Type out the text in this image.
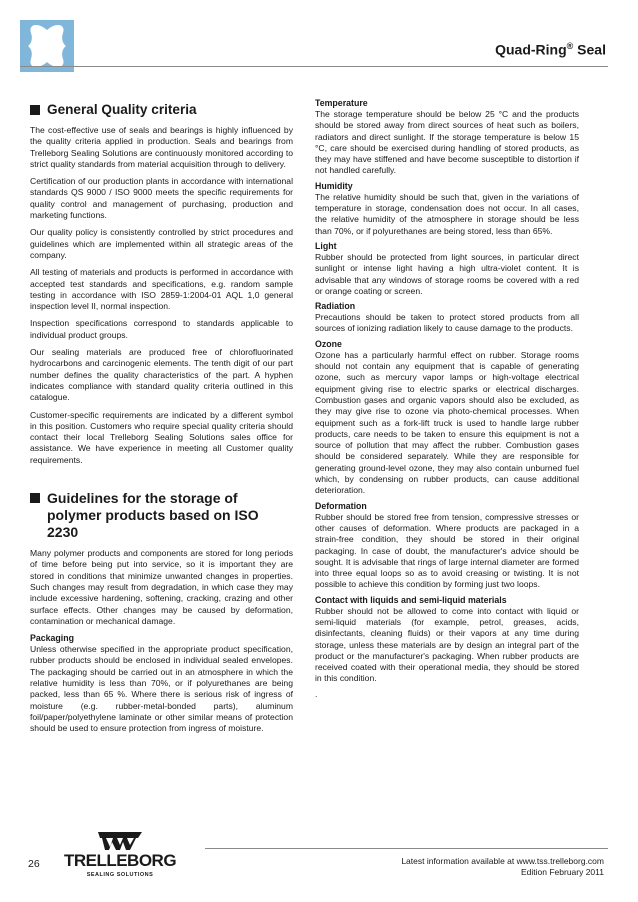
Quad-Ring® Seal
General Quality criteria

The cost-effective use of seals and bearings is highly influenced by the quality criteria applied in production. Seals and bearings from Trelleborg Sealing Solutions are continuously monitored according to strict quality standards from material acquisition through to delivery.

Certification of our production plants in accordance with international standards QS 9000 / ISO 9000 meets the specific requirements for quality control and management of purchasing, production and marketing functions.

Our quality policy is consistently controlled by strict procedures and guidelines which are implemented within all strategic areas of the company.

All testing of materials and products is performed in accordance with accepted test standards and specifications, e.g. random sample testing in accordance with ISO 2859-1:2004-01 AQL 1,0 general inspection level II, normal inspection.

Inspection specifications correspond to standards applicable to individual product groups.

Our sealing materials are produced free of chlorofluorinated hydrocarbons and carcinogenic elements. The tenth digit of our part number defines the quality characteristics of the part. A hyphen indicates compliance with standard quality criteria outlined in this catalogue.

Customer-specific requirements are indicated by a different symbol in this position. Customers who require special quality criteria should contact their local Trelleborg Sealing Solutions sales office for assistance. We have experience in meeting all Customer quality requirements.

Guidelines for the storage of polymer products based on ISO 2230

Many polymer products and components are stored for long periods of time before being put into service, so it is important they are stored in conditions that minimize unwanted changes in properties. Such changes may result from degradation, in which case they may include excessive hardening, softening, cracking, crazing and other surface effects. Other changes may be caused by deformation, contamination or mechanical damage.

Packaging

Unless otherwise specified in the appropriate product specification, rubber products should be enclosed in individual sealed envelopes. The packaging should be carried out in an atmosphere in which the relative humidity is less than 70%, or if polyurethanes are being packed, less than 65 %. Where there is serious risk of ingress of moisture (e.g. rubber-metal-bonded parts), aluminum foil/paper/polyethylene laminate or other similar means of protection should be used to ensure protection from ingress of moisture.

Temperature

The storage temperature should be below 25 °C and the products should be stored away from direct sources of heat such as boilers, radiators and direct sunlight. If the storage temperature is below 15 °C, care should be exercised during handling of stored products, as they may have stiffened and have become susceptible to distortion if not handled carefully.

Humidity

The relative humidity should be such that, given in the variations of temperature in storage, condensation does not occur. In all cases, the relative humidity of the atmosphere in storage should be less than 70%, or if polyurethanes are being stored, less than 65%.

Light

Rubber should be protected from light sources, in particular direct sunlight or intense light having a high ultra-violet content. It is advisable that any windows of storage rooms be covered with a red or orange coating or screen.

Radiation

Precautions should be taken to protect stored products from all sources of ionizing radiation likely to cause damage to the products.

Ozone

Ozone has a particularly harmful effect on rubber. Storage rooms should not contain any equipment that is capable of generating ozone, such as mercury vapor lamps or high-voltage electrical equipment giving rise to electric sparks or electrical discharges. Combustion gases and organic vapors should also be excluded, as they may give rise to ozone via photo-chemical processes. When equipment such as a fork-lift truck is used to handle large rubber products, care needs to be taken to ensure this equipment is not a source of pollution that may affect the rubber. Combustion gases should be considered separately. While they are responsible for generating ground-level ozone, they may also contain unburned fuel which, by condensing on rubber products, can cause additional deterioration.

Deformation

Rubber should be stored free from tension, compressive stresses or other causes of deformation. Where products are packaged in a strain-free condition, they should be stored in their original packaging. In case of doubt, the manufacturer's advice should be sought. It is advisable that rings of large internal diameter are formed into three equal loops so as to avoid creasing or twisting. It is not possible to achieve this condition by forming just two loops.

Contact with liquids and semi-liquid materials

Rubber should not be allowed to come into contact with liquid or semi-liquid materials (for example, petrol, greases, acids, disinfectants, cleaning fluids) or their vapors at any time during storage, unless these materials are by design an integral part of the product or the manufacturer's packaging. When rubber products are received coated with their operational media, they should be stored in this condition.

.

26 TRELLEBORG
SEALING SOLUTIONS
Latest information available at www.tss.trelleborg.com
Edition February 2011
